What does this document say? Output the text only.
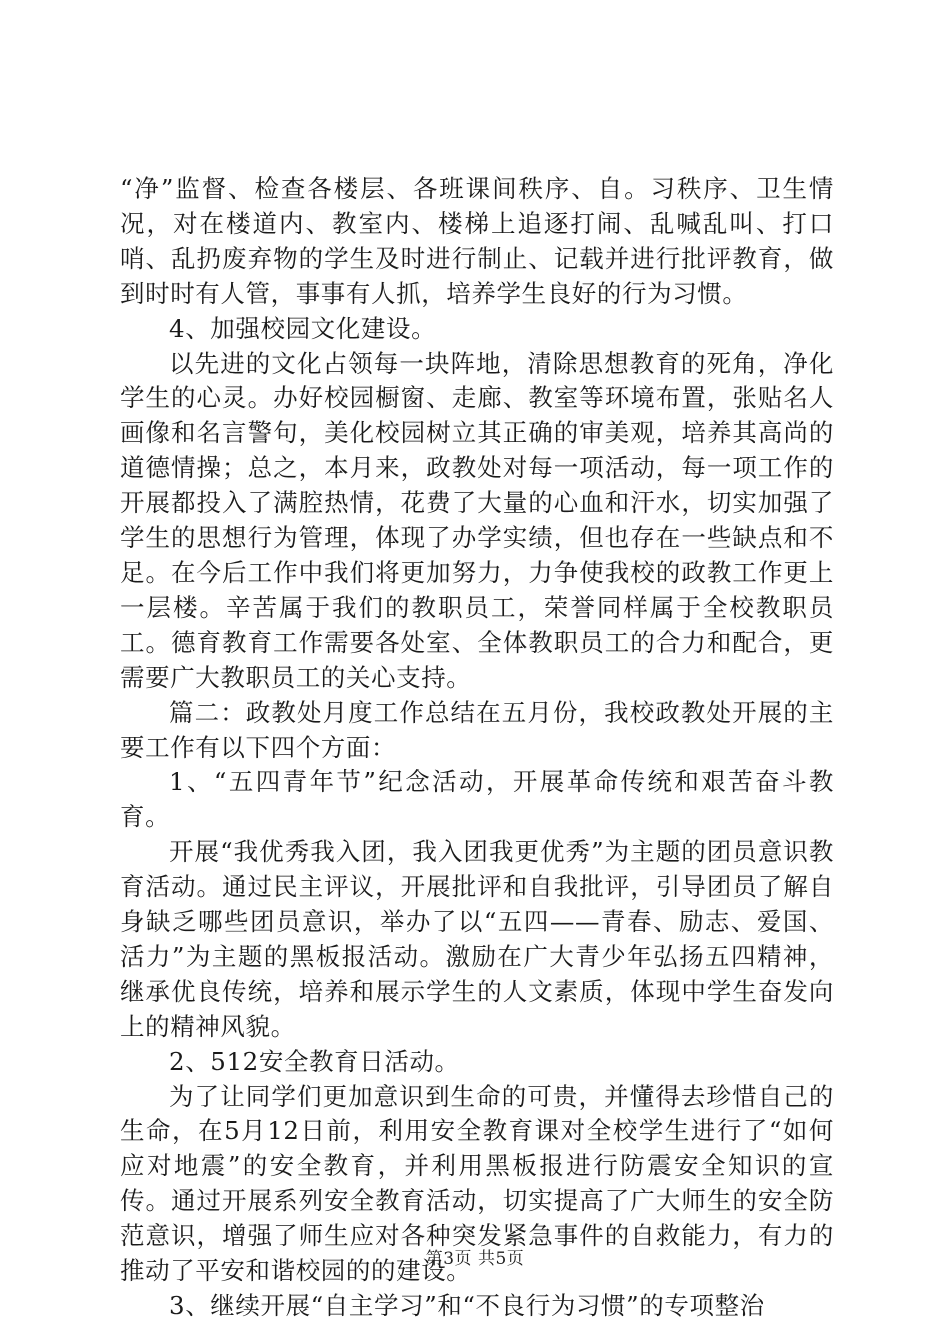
“净”监督、检查各楼层、各班课间秩序、自。习秩序、卫生情况，对在楼道内、教室内、楼梯上追逐打闹、乱喊乱叫、打口哨、乱扔废弃物的学生及时进行制止、记载并进行批评教育，做到时时有人管，事事有人抓，培养学生良好的行为习惯。

4、加强校园文化建设。

以先进的文化占领每一块阵地，清除思想教育的死角，净化学生的心灵。办好校园橱窗、走廊、教室等环境布置，张贴名人画像和名言警句，美化校园树立其正确的审美观，培养其高尚的道德情操；总之，本月来，政教处对每一项活动，每一项工作的开展都投入了满腔热情，花费了大量的心血和汗水，切实加强了学生的思想行为管理，体现了办学实绩，但也存在一些缺点和不足。在今后工作中我们将更加努力，力争使我校的政教工作更上一层楼。辛苦属于我们的教职员工，荣誉同样属于全校教职员工。德育教育工作需要各处室、全体教职员工的合力和配合，更需要广大教职员工的关心支持。

篇二：政教处月度工作总结在五月份，我校政教处开展的主要工作有以下四个方面：

1、“五四青年节”纪念活动，开展革命传统和艰苦奋斗教育。

开展“我优秀我入团，我入团我更优秀”为主题的团员意识教育活动。通过民主评议，开展批评和自我批评，引导团员了解自身缺乏哪些团员意识，举办了以“五四——青春、励志、爱国、活力”为主题的黑板报活动。激励在广大青少年弘扬五四精神，继承优良传统，培养和展示学生的人文素质，体现中学生奋发向上的精神风貌。

2、512安全教育日活动。

为了让同学们更加意识到生命的可贵，并懂得去珍惜自己的生命，在5月12日前，利用安全教育课对全校学生进行了“如何应对地震”的安全教育，并利用黑板报进行防震安全知识的宣传。通过开展系列安全教育活动，切实提高了广大师生的安全防范意识，增强了师生应对各种突发紧急事件的自救能力，有力的推动了平安和谐校园的的建设。

3、继续开展“自主学习”和“不良行为习惯”的专项整治

第3页 共5页
